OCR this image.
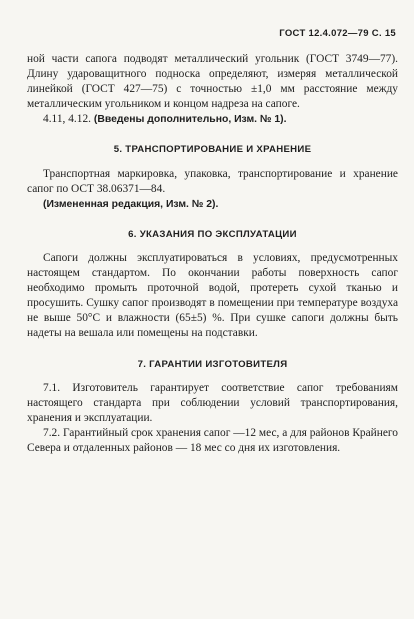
ГОСТ 12.4.072—79 С. 15

ной части сапога подводят металлический угольник (ГОСТ 3749—77). Длину удароващитного подноска определяют, измеряя металлической линейкой (ГОСТ 427—75) с точностью ±1,0 мм расстояние между металлическим угольником и концом надреза на сапоге.

4.11, 4.12. (Введены дополнительно, Изм. № 1).

5. ТРАНСПОРТИРОВАНИЕ И ХРАНЕНИЕ

Транспортная маркировка, упаковка, транспортирование и хранение сапог по ОСТ 38.06371—84.

(Измененная редакция, Изм. № 2).

6. УКАЗАНИЯ ПО ЭКСПЛУАТАЦИИ

Сапоги должны эксплуатироваться в условиях, предусмотренных настоящем стандартом. По окончании работы поверхность сапог необходимо промыть проточной водой, протереть сухой тканью и просушить. Сушку сапог производят в помещении при температуре воздуха не выше 50°С и влажности (65±5) %. При сушке сапоги должны быть надеты на вешала или помещены на подставки.

7. ГАРАНТИИ ИЗГОТОВИТЕЛЯ

7.1. Изготовитель гарантирует соответствие сапог требованиям настоящего стандарта при соблюдении условий транспортирования, хранения и эксплуатации.

7.2. Гарантийный срок хранения сапог —12 мес, а для районов Крайнего Севера и отдаленных районов — 18 мес со дня их изготовления.
